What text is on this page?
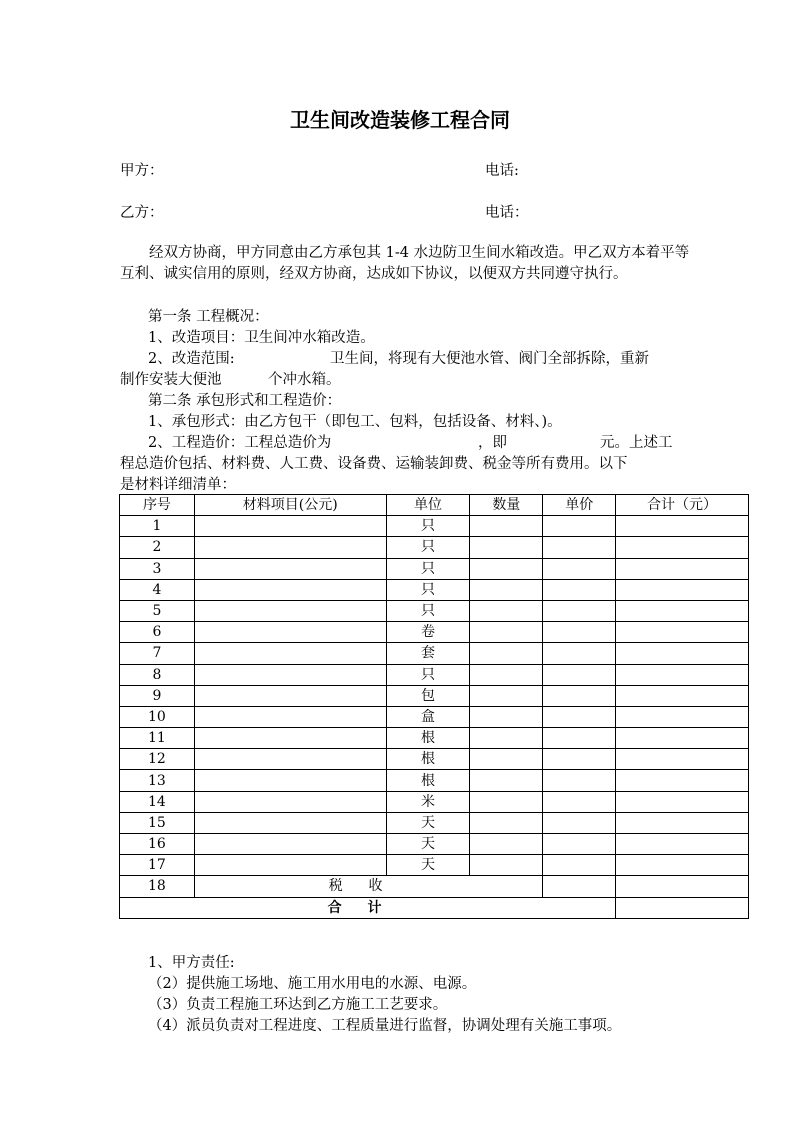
卫生间改造装修工程合同
甲方：	电话:
乙方：	电话：
经双方协商，甲方同意由乙方承包其 1-4 水边防卫生间水箱改造。甲乙双方本着平等互利、诚实信用的原则，经双方协商，达成如下协议，以便双方共同遵守执行。
第一条 工程概况：
1、改造项目：卫生间冲水箱改造。
2、改造范围:	卫生间，将现有大便池水管、阀门全部拆除，重新
制作安装大便池	个冲水箱。
第二条 承包形式和工程造价：
1、承包形式：由乙方包干（即包工、包料，包括设备、材料、)。
2、工程造价：工程总造价为	，即	元。上述工
程总造价包括、材料费、人工费、设备费、运输装卸费、税金等所有费用。以下
是材料详细清单：
序号	材料项目(公元)	单位	数量	单价	合计（元）
1		只			
2		只			
3		只			
4		只			
5		只			
6		卷			
7		套			
8		只			
9		包			
10		盒			
11		根			
12		根			
13		根			
14		米			
15		天			
16		天			
17		天			
18	税收				
合计					
1、甲方责任:
（2）提供施工场地、施工用水用电的水源、电源。
（3）负责工程施工环达到乙方施工工艺要求。
（4）派员负责对工程进度、工程质量进行监督，协调处理有关施工事项。
